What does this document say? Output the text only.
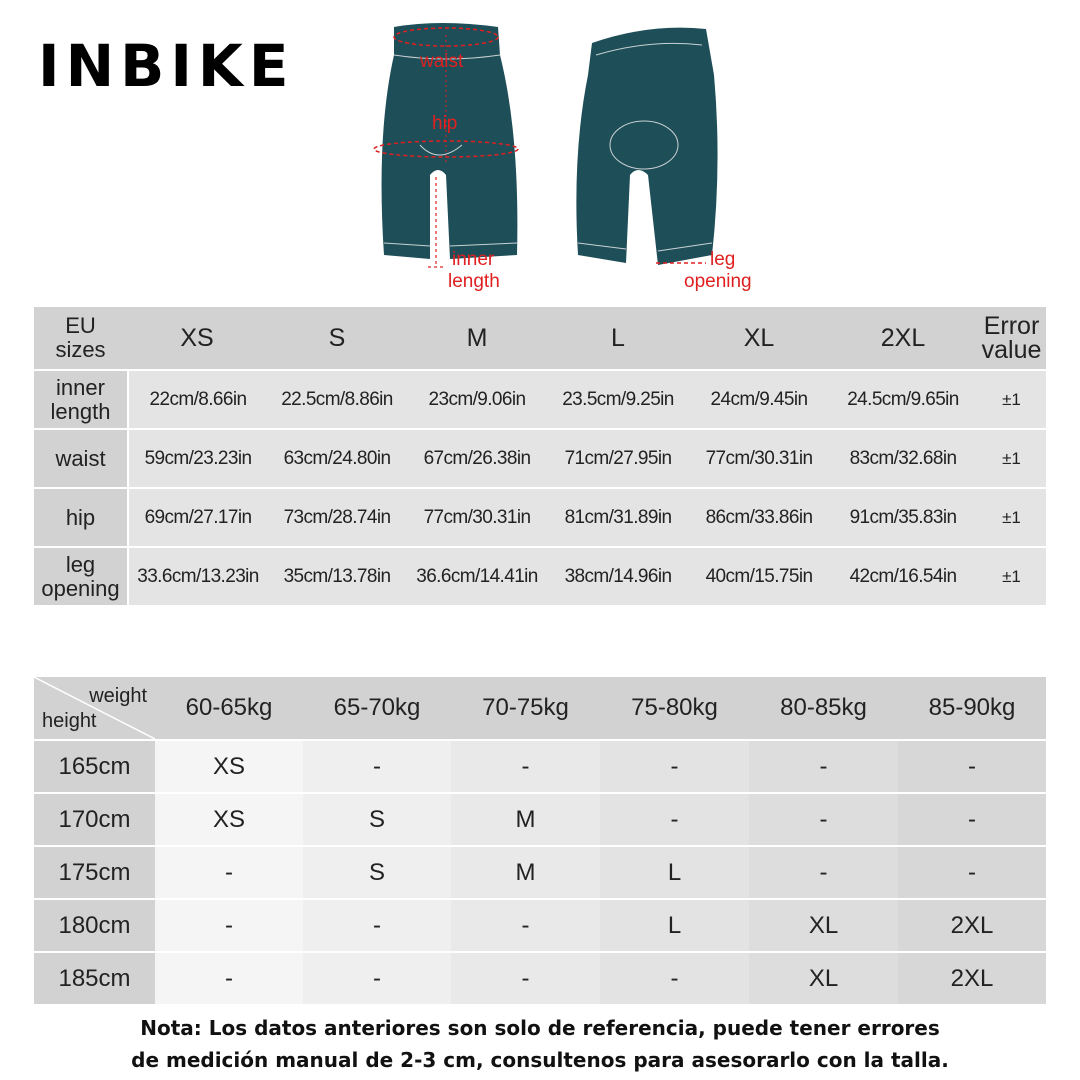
INBIKE	waist
hip
inner
length
leg
opening
EU
sizes	XS	S	M	L	XL	2XL	Error
value
inner
length	22cm/8.66in	22.5cm/8.86in	23cm/9.06in	23.5cm/9.25in	24cm/9.45in	24.5cm/9.65in	±1
waist	59cm/23.23in	63cm/24.80in	67cm/26.38in	71cm/27.95in	77cm/30.31in	83cm/32.68in	±1
hip	69cm/27.17in	73cm/28.74in	77cm/30.31in	81cm/31.89in	86cm/33.86in	91cm/35.83in	±1
leg
opening	33.6cm/13.23in	35cm/13.78in	36.6cm/14.41in	38cm/14.96in	40cm/15.75in	42cm/16.54in	±1
weight
height	60-65kg	65-70kg	70-75kg	75-80kg	80-85kg	85-90kg
165cm	XS	-	-	-	-	-
170cm	XS	S	M	-	-	-
175cm	-	S	M	L	-	-
180cm	-	-	-	L	XL	2XL
185cm	-	-	-	-	XL	2XL
Nota: Los datos anteriores son solo de referencia, puede tener errores
de medición manual de 2-3 cm, consultenos para asesorarlo con la talla.
